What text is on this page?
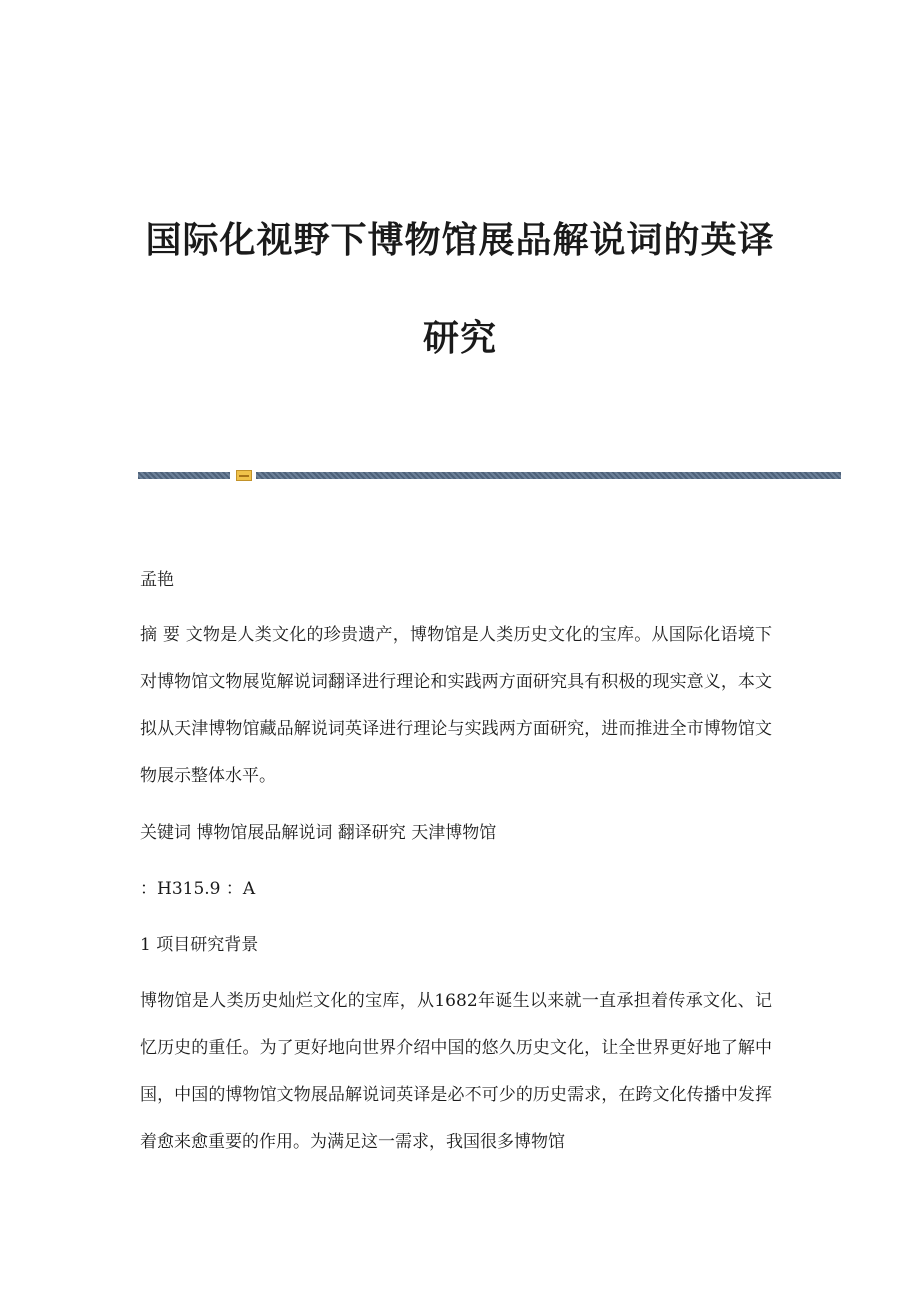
国际化视野下博物馆展品解说词的英译
研究

孟艳

摘 要 文物是人类文化的珍贵遗产，博物馆是人类历史文化的宝库。从国际化语境下对博物馆文物展览解说词翻译进行理论和实践两方面研究具有积极的现实意义，本文拟从天津博物馆藏品解说词英译进行理论与实践两方面研究，进而推进全市博物馆文物展示整体水平。

关键词 博物馆展品解说词 翻译研究 天津博物馆

：H315.9 ：A

1 项目研究背景

博物馆是人类历史灿烂文化的宝库，从1682年诞生以来就一直承担着传承文化、记忆历史的重任。为了更好地向世界介绍中国的悠久历史文化，让全世界更好地了解中国，中国的博物馆文物展品解说词英译是必不可少的历史需求，在跨文化传播中发挥着愈来愈重要的作用。为满足这一需求，我国很多博物馆
